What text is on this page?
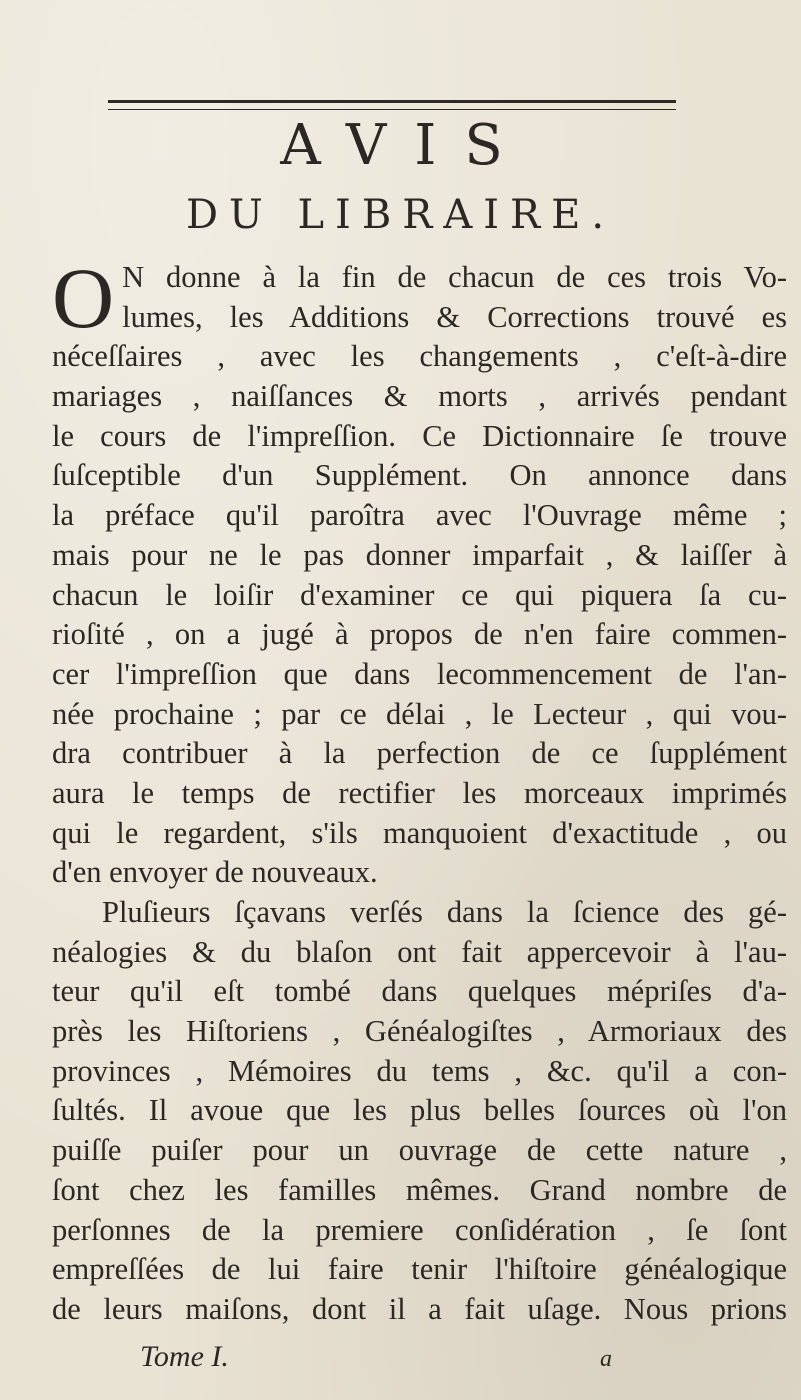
AVIS
DU LIBRAIRE.
O N donne à la fin de chacun de ces trois Vo-
lumes, les Additions & Corrections trouvé es
néceſſaires , avec les changements , c'eſt-à-dire
mariages , naiſſances & morts , arrivés pendant
le cours de l'impreſſion. Ce Dictionnaire ſe trouve
ſuſceptible d'un Supplément. On annonce dans
la préface qu'il paroîtra avec l'Ouvrage même ;
mais pour ne le pas donner imparfait , & laiſſer à
chacun le loiſir d'examiner ce qui piquera ſa cu-
rioſité , on a jugé à propos de n'en faire commen-
cer l'impreſſion que dans lecommencement de l'an-
née prochaine ; par ce délai , le Lecteur , qui vou-
dra contribuer à la perfection de ce ſupplément
aura le temps de rectifier les morceaux imprimés
qui le regardent, s'ils manquoient d'exactitude , ou
d'en envoyer de nouveaux.
Pluſieurs ſçavans verſés dans la ſcience des gé-
néalogies & du blaſon ont fait appercevoir à l'au-
teur qu'il eſt tombé dans quelques mépriſes d'a-
près les Hiſtoriens , Généalogiſtes , Armoriaux des
provinces , Mémoires du tems , &c. qu'il a con-
ſultés. Il avoue que les plus belles ſources où l'on
puiſſe puiſer pour un ouvrage de cette nature ,
ſont chez les familles mêmes. Grand nombre de
perſonnes de la premiere conſidération , ſe ſont
empreſſées de lui faire tenir l'hiſtoire généalogique
de leurs maiſons, dont il a fait uſage. Nous prions
Tome I.	a
